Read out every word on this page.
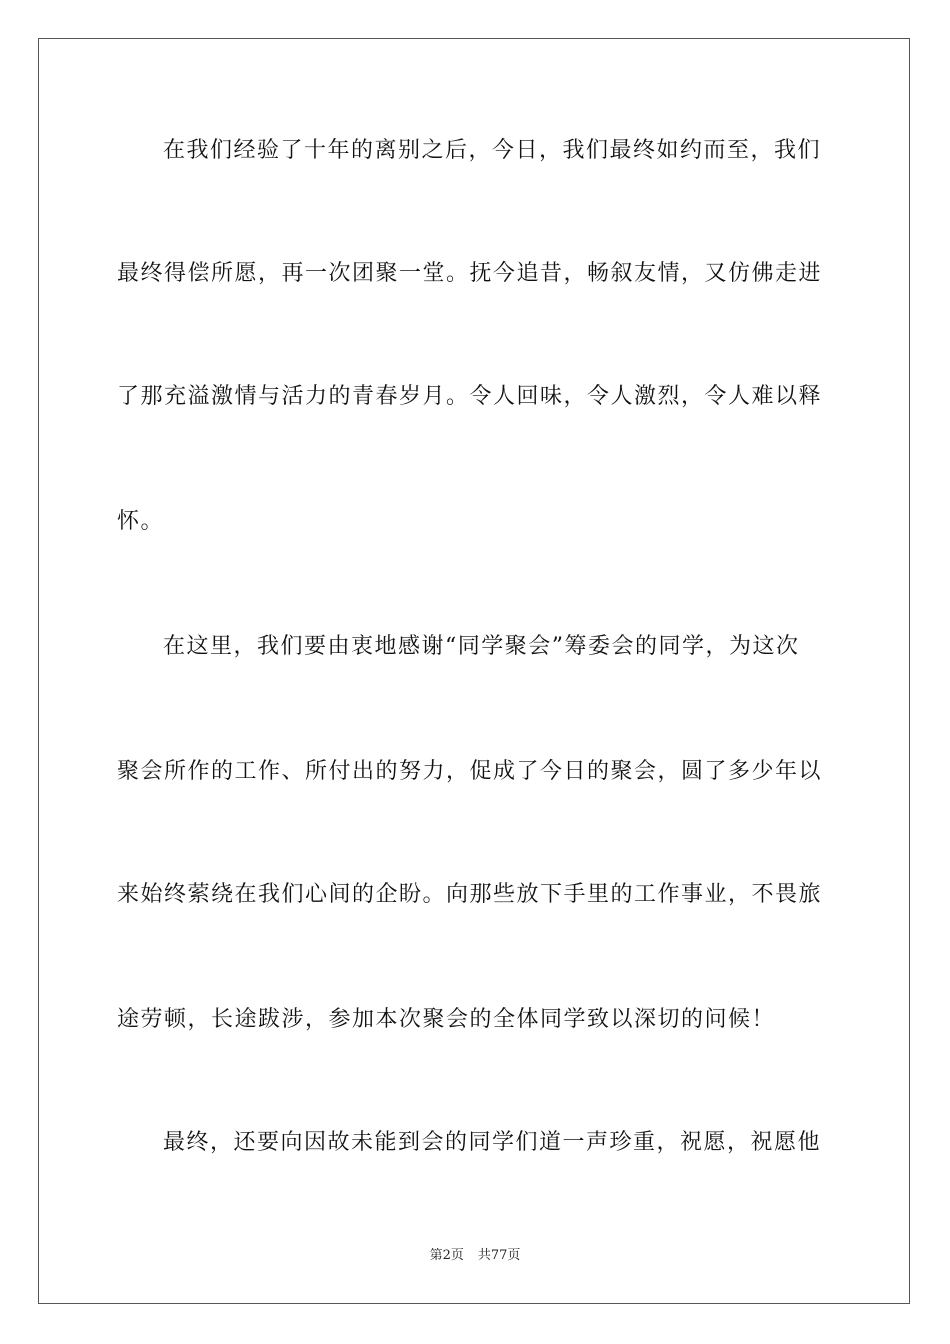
在我们经验了十年的离别之后，今日，我们最终如约而至，我们
最终得偿所愿，再一次团聚一堂。抚今追昔，畅叙友情，又仿佛走进
了那充溢激情与活力的青春岁月。令人回味，令人激烈，令人难以释
怀。
在这里，我们要由衷地感谢“同学聚会”筹委会的同学，为这次
聚会所作的工作、所付出的努力，促成了今日的聚会，圆了多少年以
来始终萦绕在我们心间的企盼。向那些放下手里的工作事业，不畏旅
途劳顿，长途跋涉，参加本次聚会的全体同学致以深切的问候！
最终，还要向因故未能到会的同学们道一声珍重，祝愿，祝愿他
第2页 共77页
